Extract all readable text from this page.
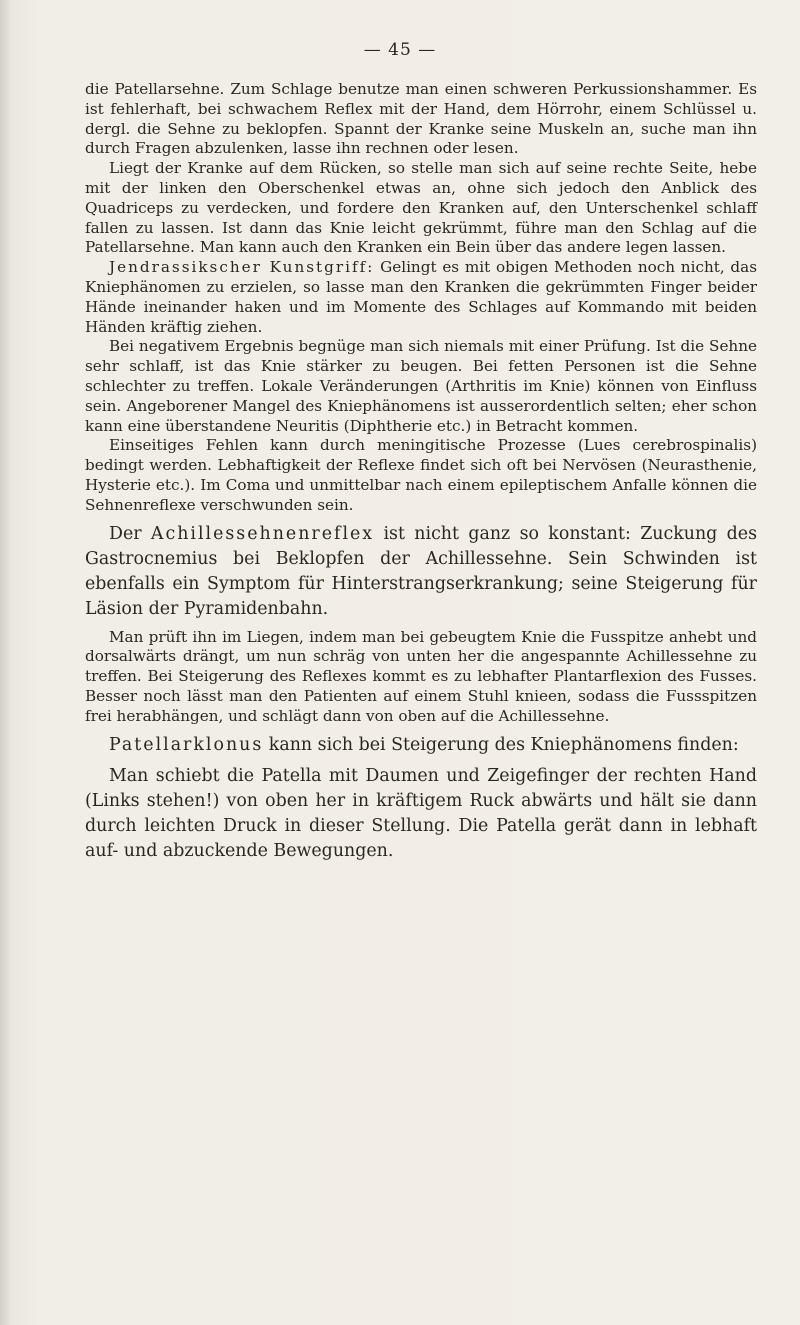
— 45 —

die Patellarsehne. Zum Schlage benutze man einen schweren Perkussionshammer. Es ist fehlerhaft, bei schwachem Reflex mit der Hand, dem Hörrohr, einem Schlüssel u. dergl. die Sehne zu beklopfen. Spannt der Kranke seine Muskeln an, suche man ihn durch Fragen abzulenken, lasse ihn rechnen oder lesen.

Liegt der Kranke auf dem Rücken, so stelle man sich auf seine rechte Seite, hebe mit der linken den Oberschenkel etwas an, ohne sich jedoch den Anblick des Quadriceps zu verdecken, und fordere den Kranken auf, den Unterschenkel schlaff fallen zu lassen. Ist dann das Knie leicht gekrümmt, führe man den Schlag auf die Patellarsehne. Man kann auch den Kranken ein Bein über das andere legen lassen.

Jendrassikscher Kunstgriff: Gelingt es mit obigen Methoden noch nicht, das Kniephänomen zu erzielen, so lasse man den Kranken die gekrümmten Finger beider Hände ineinander haken und im Momente des Schlages auf Kommando mit beiden Händen kräftig ziehen.

Bei negativem Ergebnis begnüge man sich niemals mit einer Prüfung. Ist die Sehne sehr schlaff, ist das Knie stärker zu beugen. Bei fetten Personen ist die Sehne schlechter zu treffen. Lokale Veränderungen (Arthritis im Knie) können von Einfluss sein. Angeborener Mangel des Kniephänomens ist ausserordentlich selten; eher schon kann eine überstandene Neuritis (Diphtherie etc.) in Betracht kommen.

Einseitiges Fehlen kann durch meningitische Prozesse (Lues cerebrospinalis) bedingt werden. Lebhaftigkeit der Reflexe findet sich oft bei Nervösen (Neurasthenie, Hysterie etc.). Im Coma und unmittelbar nach einem epileptischem Anfalle können die Sehnenreflexe verschwunden sein.

Der Achillessehnenreflex ist nicht ganz so konstant: Zuckung des Gastrocnemius bei Beklopfen der Achillessehne. Sein Schwinden ist ebenfalls ein Symptom für Hinterstrangserkrankung; seine Steigerung für Läsion der Pyramidenbahn.

Man prüft ihn im Liegen, indem man bei gebeugtem Knie die Fusspitze anhebt und dorsalwärts drängt, um nun schräg von unten her die angespannte Achillessehne zu treffen. Bei Steigerung des Reflexes kommt es zu lebhafter Plantarflexion des Fusses. Besser noch lässt man den Patienten auf einem Stuhl knieen, sodass die Fussspitzen frei herabhängen, und schlägt dann von oben auf die Achillessehne.

Patellarklonus kann sich bei Steigerung des Kniephänomens finden:

Man schiebt die Patella mit Daumen und Zeigefinger der rechten Hand (Links stehen!) von oben her in kräftigem Ruck abwärts und hält sie dann durch leichten Druck in dieser Stellung. Die Patella gerät dann in lebhaft auf- und abzuckende Bewegungen.
